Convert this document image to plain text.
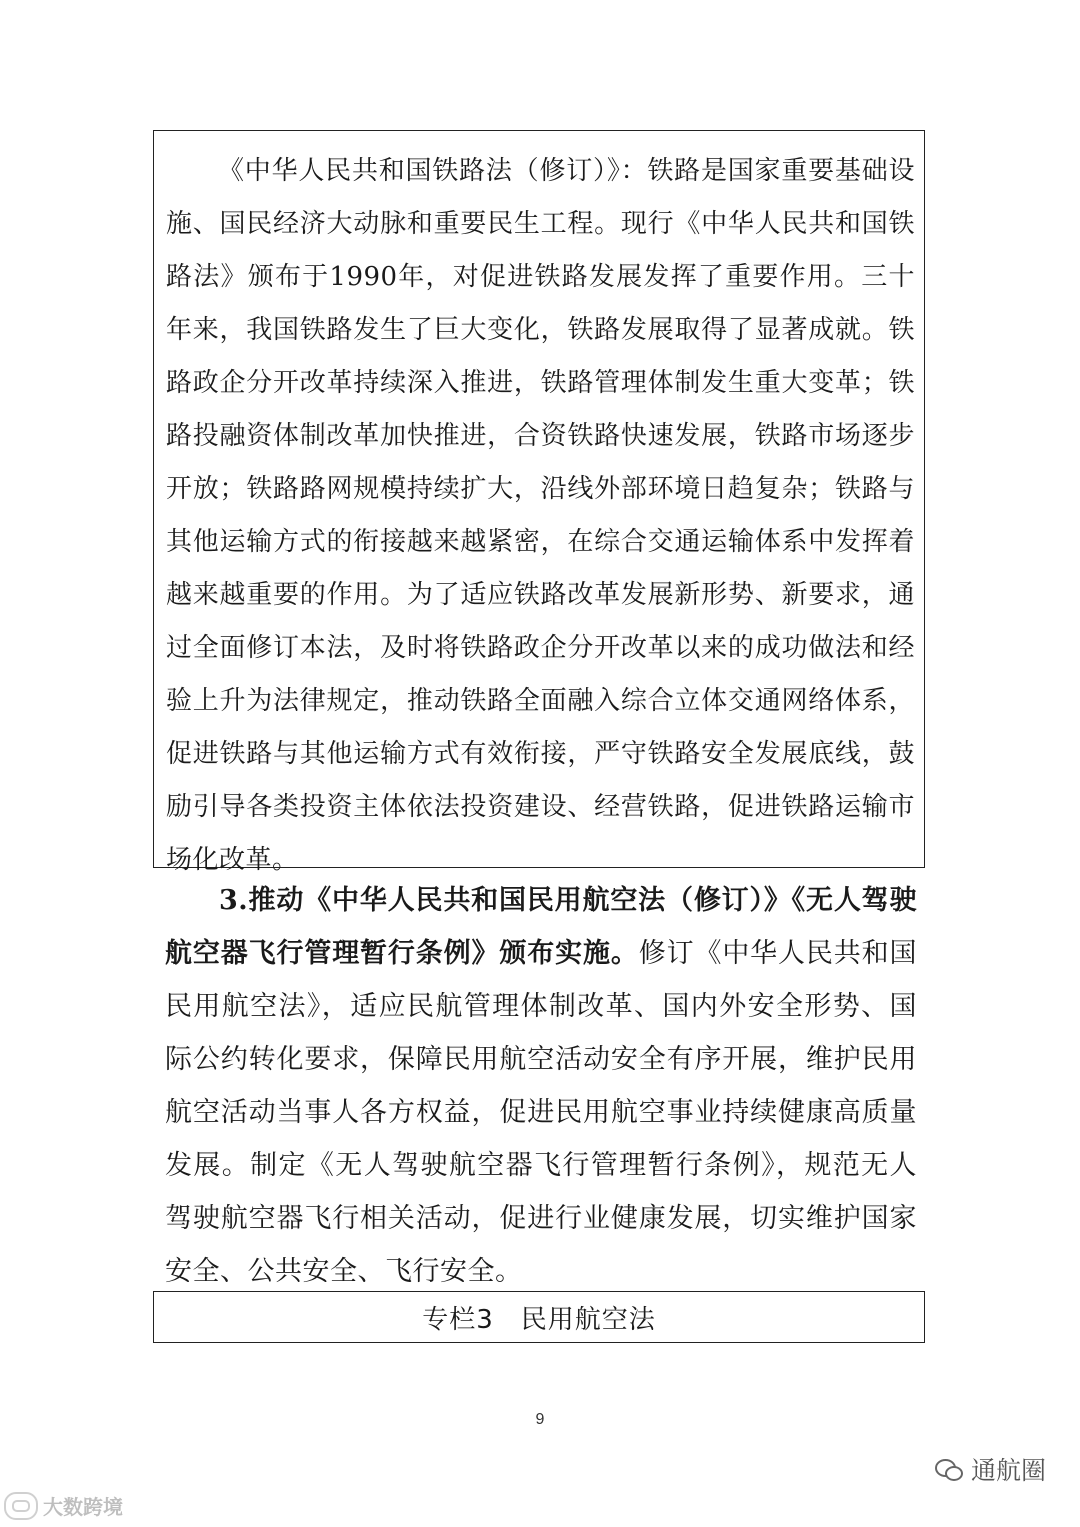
《中华人民共和国铁路法（修订）》：铁路是国家重要基础设施、国民经济大动脉和重要民生工程。现行《中华人民共和国铁路法》颁布于1990年，对促进铁路发展发挥了重要作用。三十年来，我国铁路发生了巨大变化，铁路发展取得了显著成就。铁路政企分开改革持续深入推进，铁路管理体制发生重大变革；铁路投融资体制改革加快推进，合资铁路快速发展，铁路市场逐步开放；铁路路网规模持续扩大，沿线外部环境日趋复杂；铁路与其他运输方式的衔接越来越紧密，在综合交通运输体系中发挥着越来越重要的作用。为了适应铁路改革发展新形势、新要求，通过全面修订本法，及时将铁路政企分开改革以来的成功做法和经验上升为法律规定，推动铁路全面融入综合立体交通网络体系，促进铁路与其他运输方式有效衔接，严守铁路安全发展底线，鼓励引导各类投资主体依法投资建设、经营铁路，促进铁路运输市场化改革。

3.推动《中华人民共和国民用航空法（修订）》《无人驾驶航空器飞行管理暂行条例》颁布实施。修订《中华人民共和国民用航空法》，适应民航管理体制改革、国内外安全形势、国际公约转化要求，保障民用航空活动安全有序开展，维护民用航空活动当事人各方权益，促进民用航空事业持续健康高质量发展。制定《无人驾驶航空器飞行管理暂行条例》，规范无人驾驶航空器飞行相关活动，促进行业健康发展，切实维护国家安全、公共安全、飞行安全。

专栏3　民用航空法
9
大数跨境
通航圈
